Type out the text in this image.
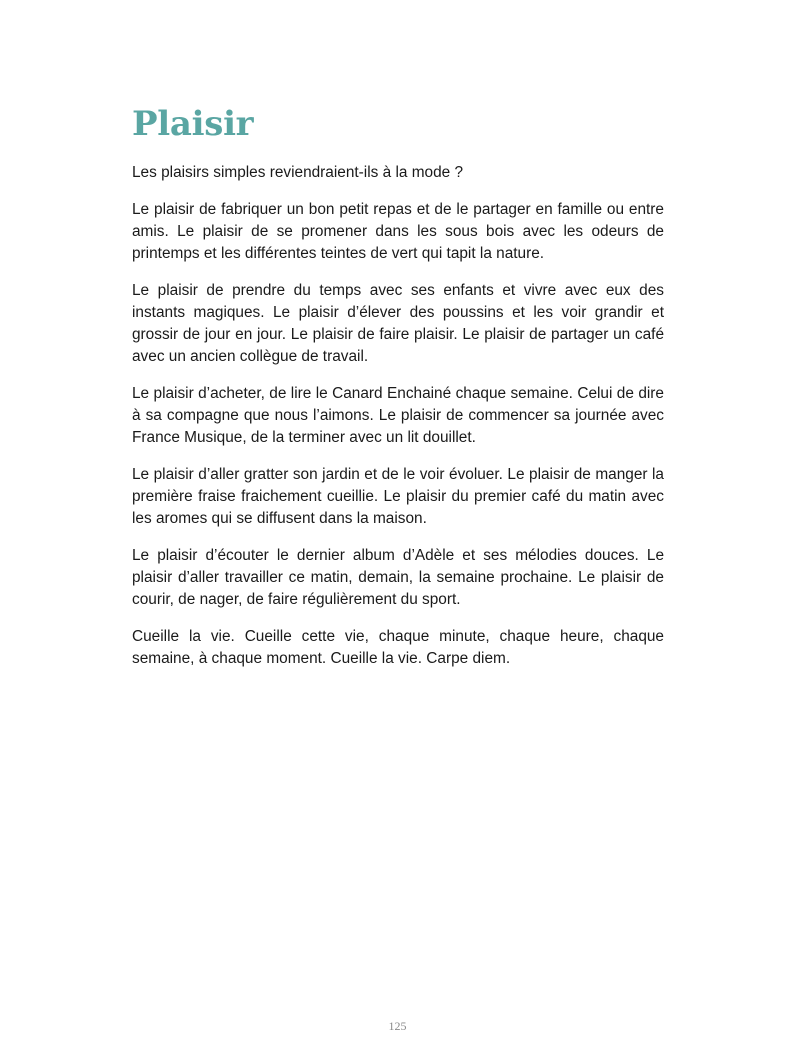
Plaisir

Les plaisirs simples reviendraient-ils à la mode ?

Le plaisir de fabriquer un bon petit repas et de le partager en famille ou entre amis. Le plaisir de se promener dans les sous bois avec les odeurs de printemps et les différentes teintes de vert qui tapit la nature.

Le plaisir de prendre du temps avec ses enfants et vivre avec eux des instants magiques. Le plaisir d’élever des poussins et les voir grandir et grossir de jour en jour. Le plaisir de faire plaisir. Le plaisir de partager un café avec un ancien collègue de travail.

Le plaisir d’acheter, de lire le Canard Enchainé chaque semaine. Celui de dire à sa compagne que nous l’aimons. Le plaisir de commencer sa journée avec France Musique, de la terminer avec un lit douillet.

Le plaisir d’aller gratter son jardin et de le voir évoluer. Le plaisir de manger la première fraise fraichement cueillie. Le plaisir du premier café du matin avec les aromes qui se diffusent dans la maison.

Le plaisir d’écouter le dernier album d’Adèle et ses mélodies douces. Le plaisir d’aller travailler ce matin, demain, la semaine prochaine. Le plaisir de courir, de nager, de faire régulièrement du sport.

Cueille la vie. Cueille cette vie, chaque minute, chaque heure, chaque semaine, à chaque moment. Cueille la vie. Carpe diem.

125
